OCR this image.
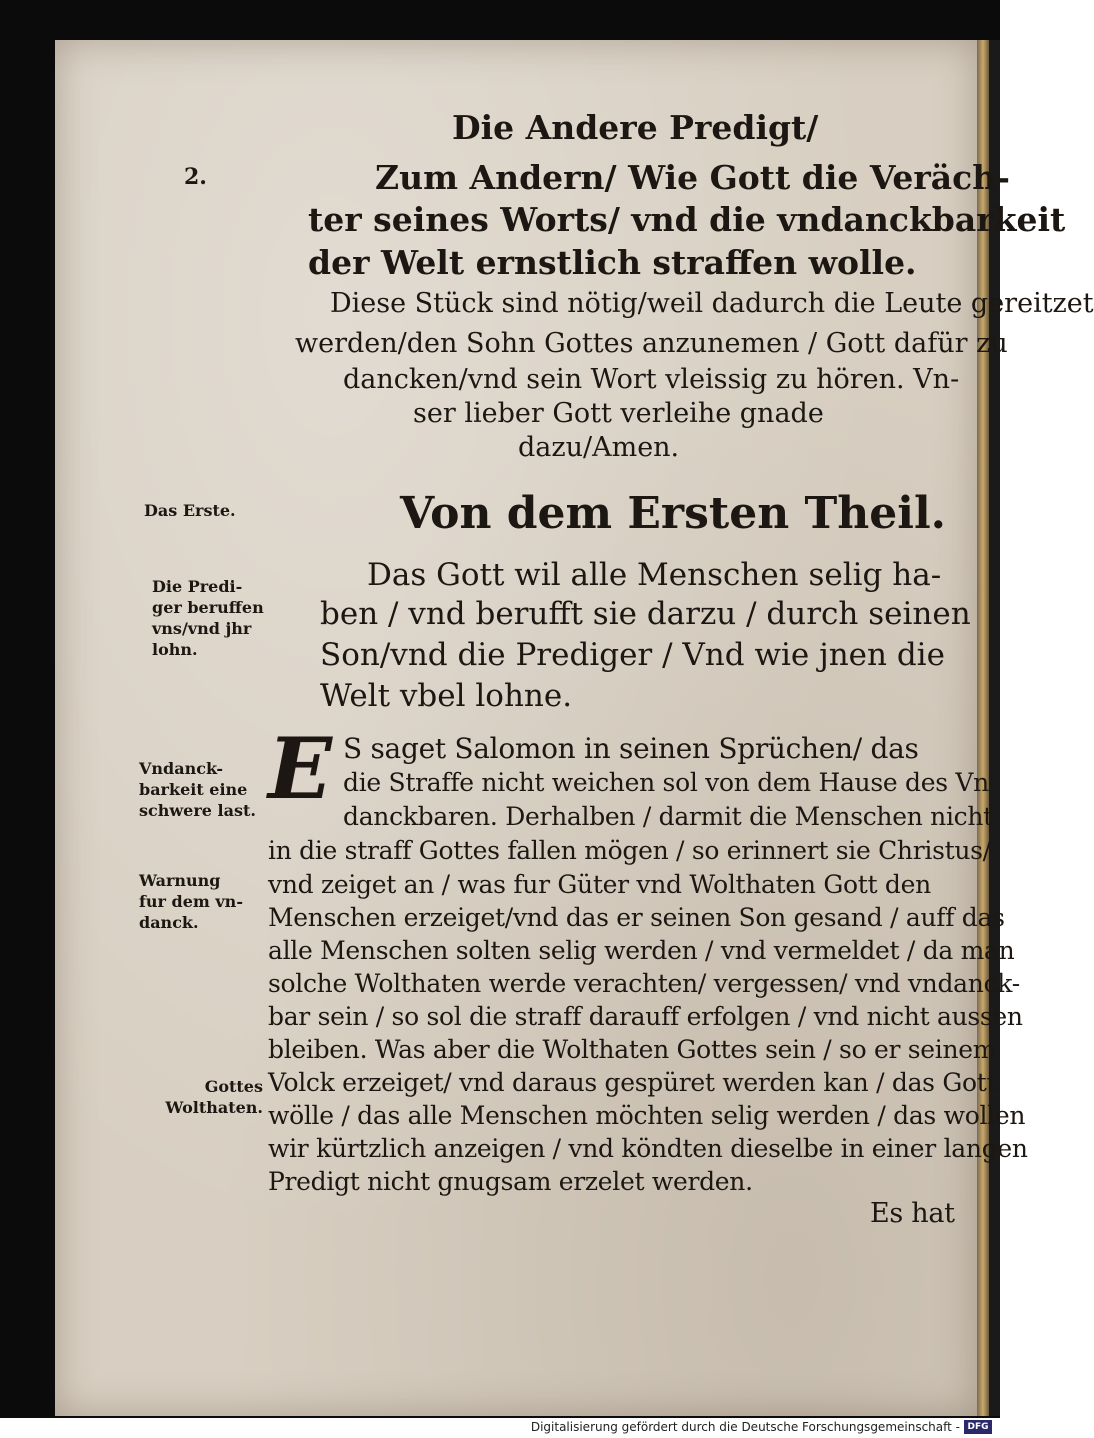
2.
Die Andere Predigt/
Zum Andern/ Wie Gott die Veräch-
ter seines Worts/ vnd die vndanckbarkeit
der Welt ernstlich straffen wolle.
Diese Stück sind nötig/weil dadurch die Leute gereitzet
werden/den Sohn Gottes anzunemen / Gott dafür zu
dancken/vnd sein Wort vleissig zu hören. Vn-
ser lieber Gott verleihe gnade
dazu/Amen.
Das Erste.	Von dem Ersten Theil.
Die Predi-
ger beruffen
vns/vnd jhr
lohn.
Das Gott wil alle Menschen selig ha-
ben / vnd berufft sie darzu / durch seinen
Son/vnd die Prediger / Vnd wie jnen die
Welt vbel lohne.
Vndanck-
barkeit eine
schwere last.
Warnung
fur dem vn-
danck.
Gottes
Wolthaten.
E S saget Salomon in seinen Sprüchen/ das
die Straffe nicht weichen sol von dem Hause des Vn-
danckbaren. Derhalben / darmit die Menschen nicht
in die straff Gottes fallen mögen / so erinnert sie Christus/
vnd zeiget an / was fur Güter vnd Wolthaten Gott den
Menschen erzeiget/vnd das er seinen Son gesand / auff das
alle Menschen solten selig werden / vnd vermeldet / da man
solche Wolthaten werde verachten/ vergessen/ vnd vndanck-
bar sein / so sol die straff darauff erfolgen / vnd nicht aussen
bleiben. Was aber die Wolthaten Gottes sein / so er seinem
Volck erzeiget/ vnd daraus gespüret werden kan / das Gott
wölle / das alle Menschen möchten selig werden / das wollen
wir kürtzlich anzeigen / vnd köndten dieselbe in einer langen
Predigt nicht gnugsam erzelet werden.
Es hat
Digitalisierung gefördert durch die Deutsche Forschungsgemeinschaft - DFG
